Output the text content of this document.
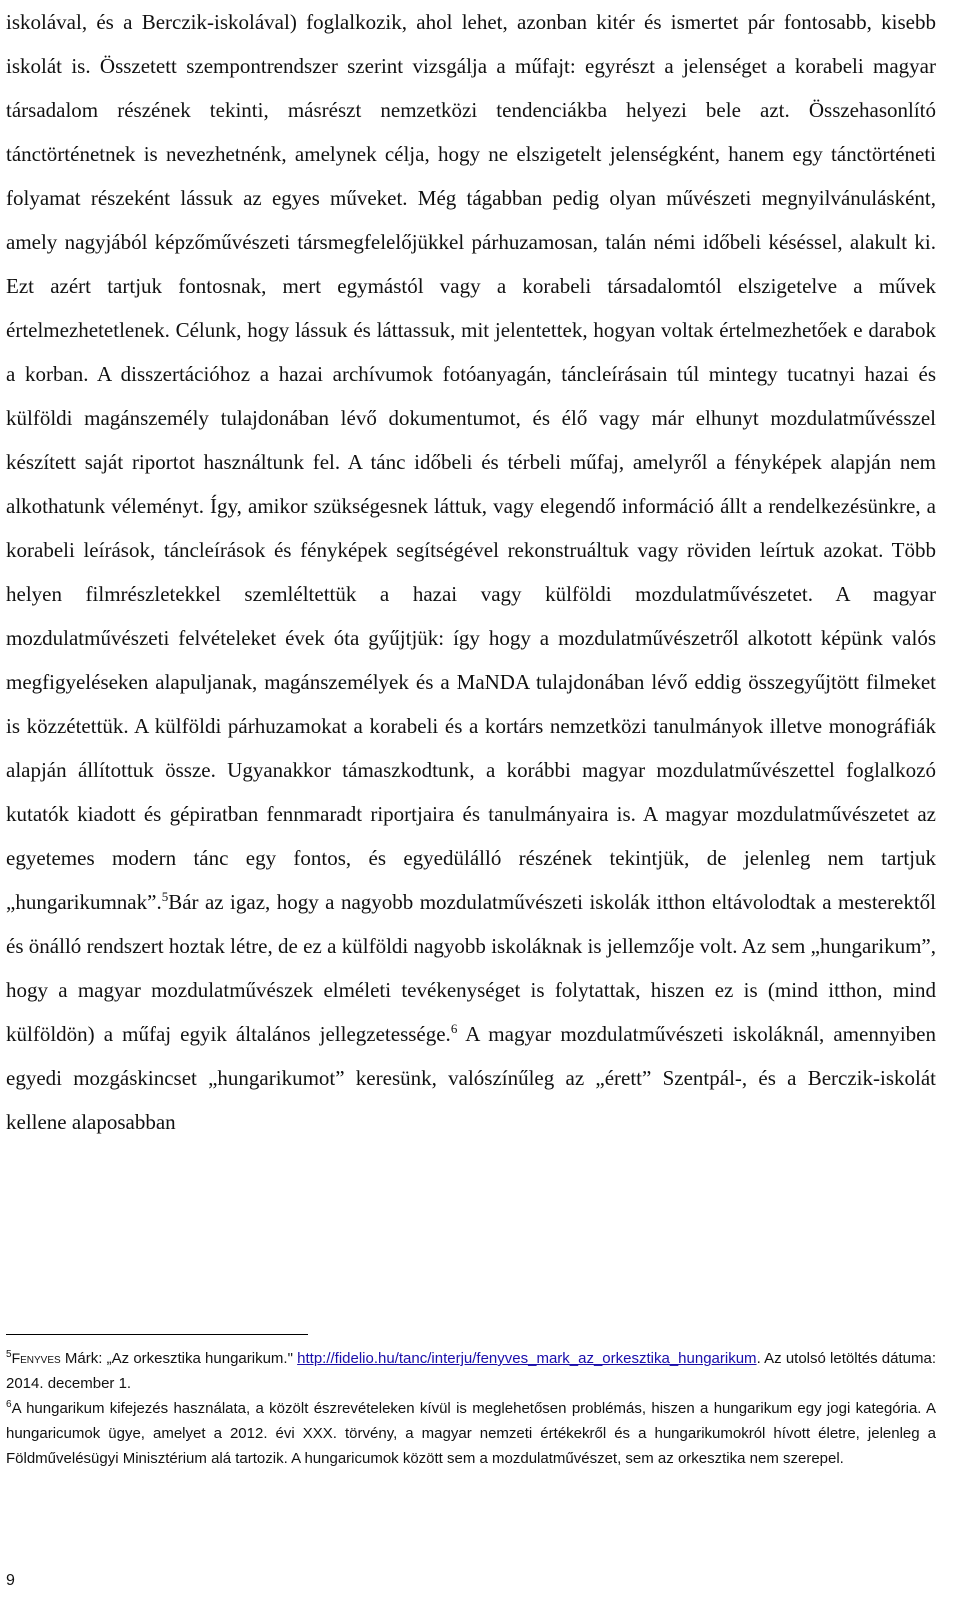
iskolával, és a Berczik-iskolával) foglalkozik, ahol lehet, azonban kitér és ismertet pár fontosabb, kisebb iskolát is. Összetett szempontrendszer szerint vizsgálja a műfajt: egyrészt a jelenséget a korabeli magyar társadalom részének tekinti, másrészt nemzetközi tendenciákba helyezi bele azt. Összehasonlító tánctörténetnek is nevezhetnénk, amelynek célja, hogy ne elszigetelt jelenségként, hanem egy tánctörténeti folyamat részeként lássuk az egyes műveket. Még tágabban pedig olyan művészeti megnyilvánulásként, amely nagyjából képzőművészeti társmegfelelőjükkel párhuzamosan, talán némi időbeli késéssel, alakult ki. Ezt azért tartjuk fontosnak, mert egymástól vagy a korabeli társadalomtól elszigetelve a művek értelmezhetetlenek. Célunk, hogy lássuk és láttassuk, mit jelentettek, hogyan voltak értelmezhetőek e darabok a korban. A disszertációhoz a hazai archívumok fotóanyagán, táncleírásain túl mintegy tucatnyi hazai és külföldi magánszemély tulajdonában lévő dokumentumot, és élő vagy már elhunyt mozdulatművésszel készített saját riportot használtunk fel. A tánc időbeli és térbeli műfaj, amelyről a fényképek alapján nem alkothatunk véleményt. Így, amikor szükségesnek láttuk, vagy elegendő információ állt a rendelkezésünkre, a korabeli leírások, táncleírások és fényképek segítségével rekonstruáltuk vagy röviden leírtuk azokat. Több helyen filmrészletekkel szemléltettük a hazai vagy külföldi mozdulatművészetet. A magyar mozdulatművészeti felvételeket évek óta gyűjtjük: így hogy a mozdulatművészetről alkotott képünk valós megfigyeléseken alapuljanak, magánszemélyek és a MaNDA tulajdonában lévő eddig összegyűjtött filmeket is közzétettük. A külföldi párhuzamokat a korabeli és a kortárs nemzetközi tanulmányok illetve monográfiák alapján állítottuk össze. Ugyanakkor támaszkodtunk, a korábbi magyar mozdulatművészettel foglalkozó kutatók kiadott és gépiratban fennmaradt riportjaira és tanulmányaira is. A magyar mozdulatművészetet az egyetemes modern tánc egy fontos, és egyedülálló részének tekintjük, de jelenleg nem tartjuk „hungarikumnak”.$^5$Bár az igaz, hogy a nagyobb mozdulatművészeti iskolák itthon eltávolodtak a mesterektől és önálló rendszert hoztak létre, de ez a külföldi nagyobb iskoláknak is jellemzője volt. Az sem „hungarikum”, hogy a magyar mozdulatművészek elméleti tevékenységet is folytattak, hiszen ez is (mind itthon, mind külföldön) a műfaj egyik általános jellegzetessége.$^6$ A magyar mozdulatművészeti iskoláknál, amennyiben egyedi mozgáskincset „hungarikumot” keresünk, valószínűleg az „érett” Szentpál-, és a Berczik-iskolát kellene alaposabban

$^5$Fenyves Márk: „Az orkesztika hungarikum." http://fidelio.hu/tanc/interju/fenyves_mark_az_orkesztika_hungarikum. Az utolsó letöltés dátuma: 2014. december 1.

$^6$A hungarikum kifejezés használata, a közölt észrevételeken kívül is meglehetősen problémás, hiszen a hungarikum egy jogi kategória. A hungaricumok ügye, amelyet a 2012. évi XXX. törvény, a magyar nemzeti értékekről és a hungarikumokról hívott életre, jelenleg a Földművelésügyi Minisztérium alá tartozik. A hungaricumok között sem a mozdulatművészet, sem az orkesztika nem szerepel.

9
